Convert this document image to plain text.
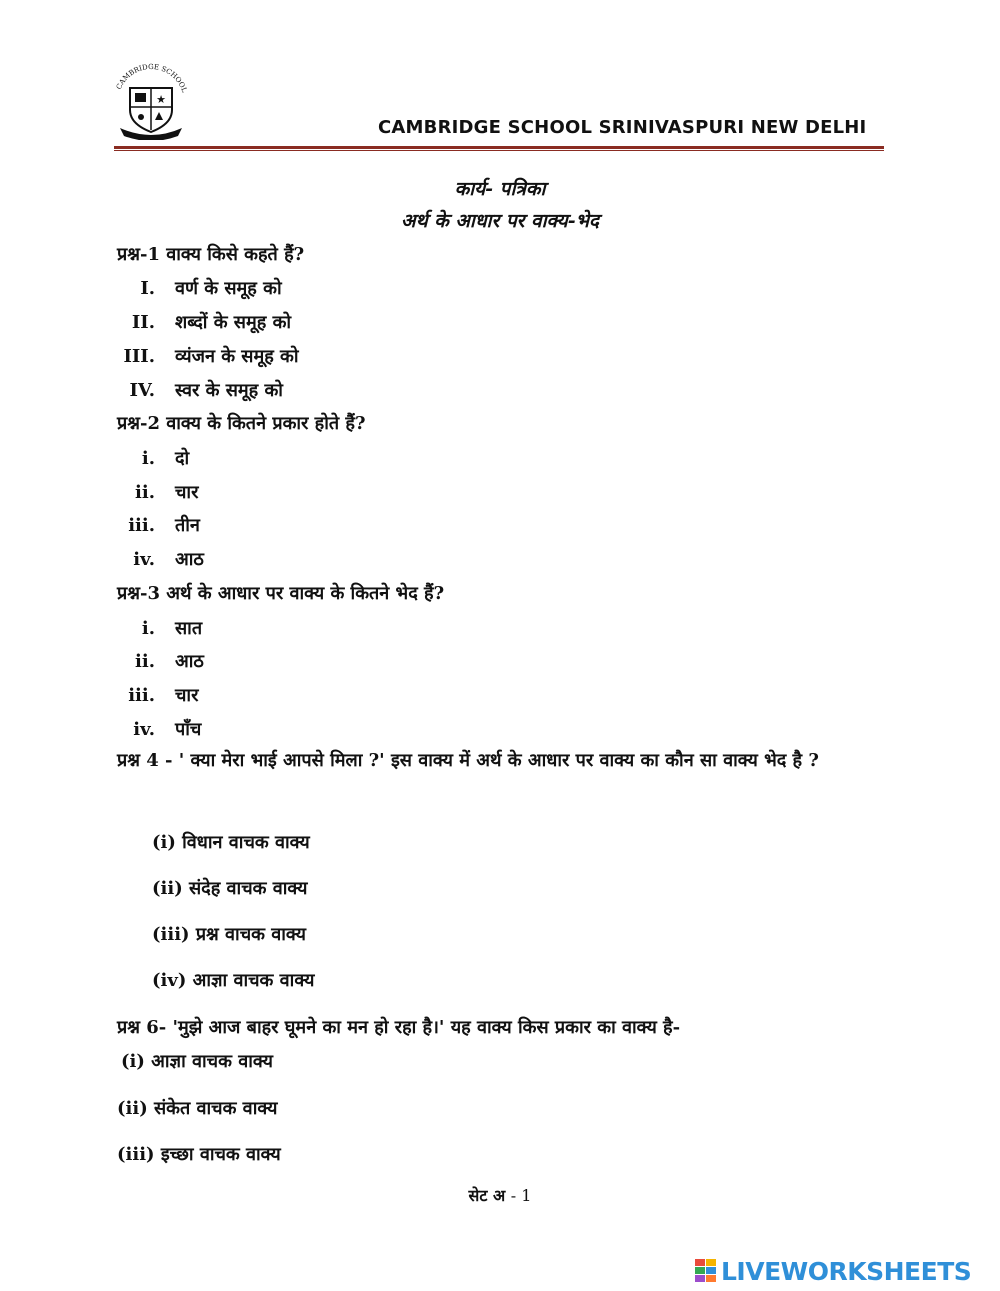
CAMBRIDGE SCHOOL
★
CAMBRIDGE SCHOOL SRINIVASPURI NEW DELHI
कार्य- पत्रिका
अर्थ के आधार पर वाक्य-भेद
प्रश्न-1 वाक्य किसे कहते हैं?
I. वर्ण के समूह को
II. शब्दों के समूह को
III. व्यंजन के समूह को
IV. स्वर के समूह को
प्रश्न-2 वाक्य के कितने प्रकार होते हैं?
i. दो
ii. चार
iii. तीन
iv. आठ
प्रश्न-3 अर्थ के आधार पर वाक्य के कितने भेद हैं?
i. सात
ii. आठ
iii. चार
iv. पाँच
प्रश्न 4 - ' क्या मेरा भाई आपसे मिला ?' इस वाक्य में अर्थ के आधार पर वाक्य का कौन सा वाक्य भेद है ?
(i) विधान वाचक वाक्य
(ii) संदेह वाचक वाक्य
(iii) प्रश्न वाचक वाक्य
(iv) आज्ञा वाचक वाक्य
प्रश्न 6- 'मुझे आज बाहर घूमने का मन हो रहा है।' यह वाक्य किस प्रकार का वाक्य है-
(i) आज्ञा वाचक वाक्य
(ii) संकेत वाचक वाक्य
(iii) इच्छा वाचक वाक्य
सेट अ - 1
LIVEWORKSHEETS
